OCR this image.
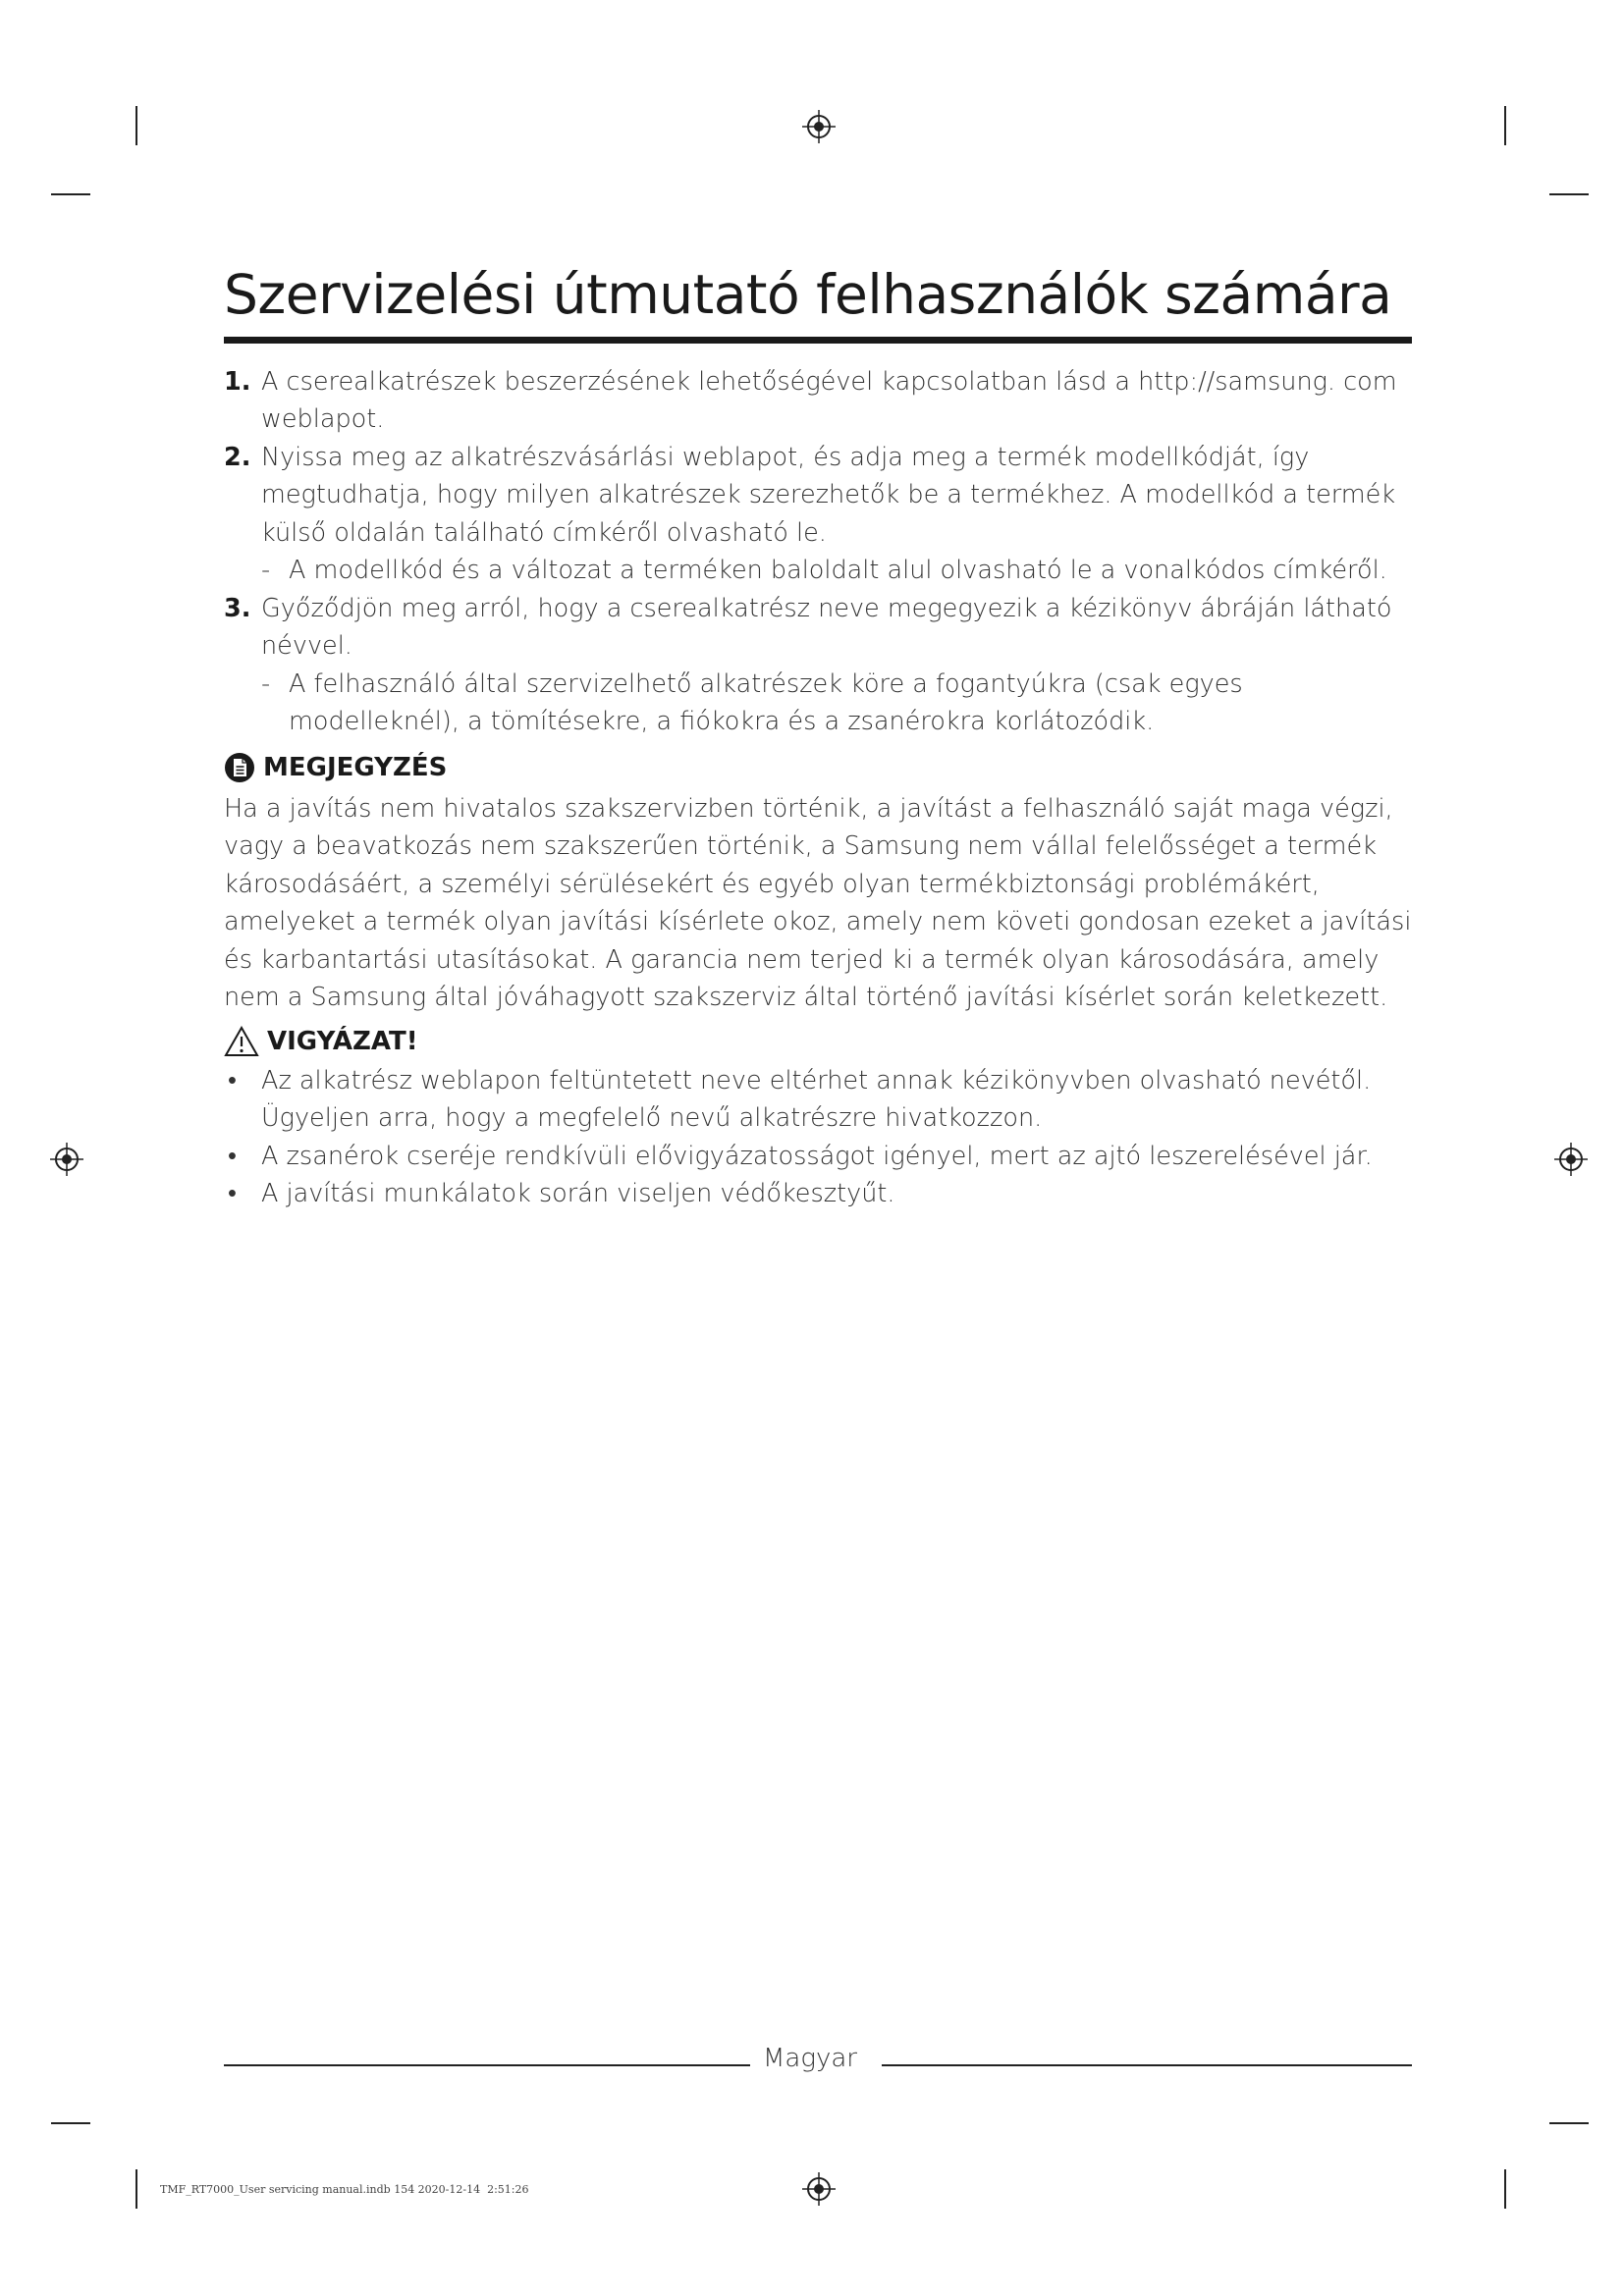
Szervizelési útmutató felhasználók számára
1. A cserealkatrészek beszerzésének lehetőségével kapcsolatban lásd a http://samsung. com weblapot.
2. Nyissa meg az alkatrészvásárlási weblapot, és adja meg a termék modellkódját, így megtudhatja, hogy milyen alkatrészek szerezhetők be a termékhez. A modellkód a termék külső oldalán található címkéről olvasható le.
- A modellkód és a változat a terméken baloldalt alul olvasható le a vonalkódos címkéről.
3. Győződjön meg arról, hogy a cserealkatrész neve megegyezik a kézikönyv ábráján látható névvel.
- A felhasználó által szervizelhető alkatrészek köre a fogantyúkra (csak egyes modelleknél), a tömítésekre, a fiókokra és a zsanérokra korlátozódik.
MEGJEGYZÉS
Ha a javítás nem hivatalos szakszervizben történik, a javítást a felhasználó saját maga végzi, vagy a beavatkozás nem szakszerűen történik, a Samsung nem vállal felelősséget a termék károsodásáért, a személyi sérülésekért és egyéb olyan termékbiztonsági problémákért, amelyeket a termék olyan javítási kísérlete okoz, amely nem követi gondosan ezeket a javítási és karbantartási utasításokat. A garancia nem terjed ki a termék olyan károsodására, amely nem a Samsung által jóváhagyott szakszerviz által történő javítási kísérlet során keletkezett.
VIGYÁZAT!
• Az alkatrész weblapon feltüntetett neve eltérhet annak kézikönyvben olvasható nevétől. Ügyeljen arra, hogy a megfelelő nevű alkatrészre hivatkozzon.
• A zsanérok cseréje rendkívüli elővigyázatosságot igényel, mert az ajtó leszerelésével jár.
• A javítási munkálatok során viseljen védőkesztyűt.
Magyar
TMF_RT7000_User servicing manual.indb 154 2020-12-14 ￼ 2:51:26
